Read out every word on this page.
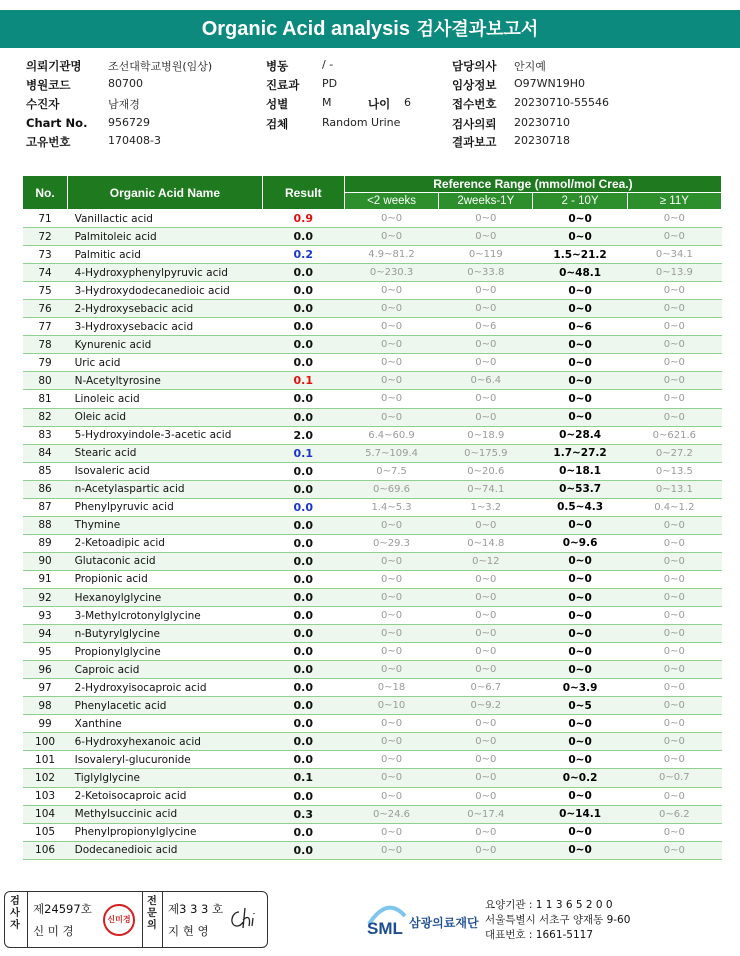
Organic Acid analysis 검사결과보고서
의뢰기관명 조선대학교병원(임상)
병원코드	80700
수진자	남재경
Chart No. 956729
고유번호	170408-3
병동	/ -
진료과 PD
성별	M	나이 6
검체	Random Urine
담당의사 안지예
임상정보 O97WN19H0
접수번호 20230710-55546
검사의뢰 20230710
결과보고 20230718
No.	Organic Acid Name	Result	Reference Range (mmol/mol Crea.)			
			<2 weeks	2weeks-1Y	2 - 10Y	≥ 11Y
71	Vanillactic acid	0.9	0~0	0~0	0~0	0~0
72	Palmitoleic acid	0.0	0~0	0~0	0~0	0~0
73	Palmitic acid	0.2	4.9~81.2	0~119	1.5~21.2	0~34.1
74	4-Hydroxyphenylpyruvic acid	0.0	0~230.3	0~33.8	0~48.1	0~13.9
75	3-Hydroxydodecanedioic acid	0.0	0~0	0~0	0~0	0~0
76	2-Hydroxysebacic acid	0.0	0~0	0~0	0~0	0~0
77	3-Hydroxysebacic acid	0.0	0~0	0~6	0~6	0~0
78	Kynurenic acid	0.0	0~0	0~0	0~0	0~0
79	Uric acid	0.0	0~0	0~0	0~0	0~0
80	N-Acetyltyrosine	0.1	0~0	0~6.4	0~0	0~0
81	Linoleic acid	0.0	0~0	0~0	0~0	0~0
82	Oleic acid	0.0	0~0	0~0	0~0	0~0
83	5-Hydroxyindole-3-acetic acid	2.0	6.4~60.9	0~18.9	0~28.4	0~621.6
84	Stearic acid	0.1	5.7~109.4	0~175.9	1.7~27.2	0~27.2
85	Isovaleric acid	0.0	0~7.5	0~20.6	0~18.1	0~13.5
86	n-Acetylaspartic acid	0.0	0~69.6	0~74.1	0~53.7	0~13.1
87	Phenylpyruvic acid	0.0	1.4~5.3	1~3.2	0.5~4.3	0.4~1.2
88	Thymine	0.0	0~0	0~0	0~0	0~0
89	2-Ketoadipic acid	0.0	0~29.3	0~14.8	0~9.6	0~0
90	Glutaconic acid	0.0	0~0	0~12	0~0	0~0
91	Propionic acid	0.0	0~0	0~0	0~0	0~0
92	Hexanoylglycine	0.0	0~0	0~0	0~0	0~0
93	3-Methylcrotonylglycine	0.0	0~0	0~0	0~0	0~0
94	n-Butyrylglycine	0.0	0~0	0~0	0~0	0~0
95	Propionylglycine	0.0	0~0	0~0	0~0	0~0
96	Caproic acid	0.0	0~0	0~0	0~0	0~0
97	2-Hydroxyisocaproic acid	0.0	0~18	0~6.7	0~3.9	0~0
98	Phenylacetic acid	0.0	0~10	0~9.2	0~5	0~0
99	Xanthine	0.0	0~0	0~0	0~0	0~0
100	6-Hydroxyhexanoic acid	0.0	0~0	0~0	0~0	0~0
101	Isovaleryl-glucuronide	0.0	0~0	0~0	0~0	0~0
102	Tiglylglycine	0.1	0~0	0~0	0~0.2	0~0.7
103	2-Ketoisocaproic acid	0.0	0~0	0~0	0~0	0~0
104	Methylsuccinic acid	0.3	0~24.6	0~17.4	0~14.1	0~6.2
105	Phenylpropionylglycine	0.0	0~0	0~0	0~0	0~0
106	Dodecanedioic acid	0.0	0~0	0~0	0~0	0~0
검
사
자
제24597호
신 미 경
신미경
전
문
의
제3 3 3 호
지 현 영	SML 삼광의료재단
요양기관 : 1 1 3 6 5 2 0 0
서울특별시 서초구 양재동 9-60
대표번호 : 1661-5117
